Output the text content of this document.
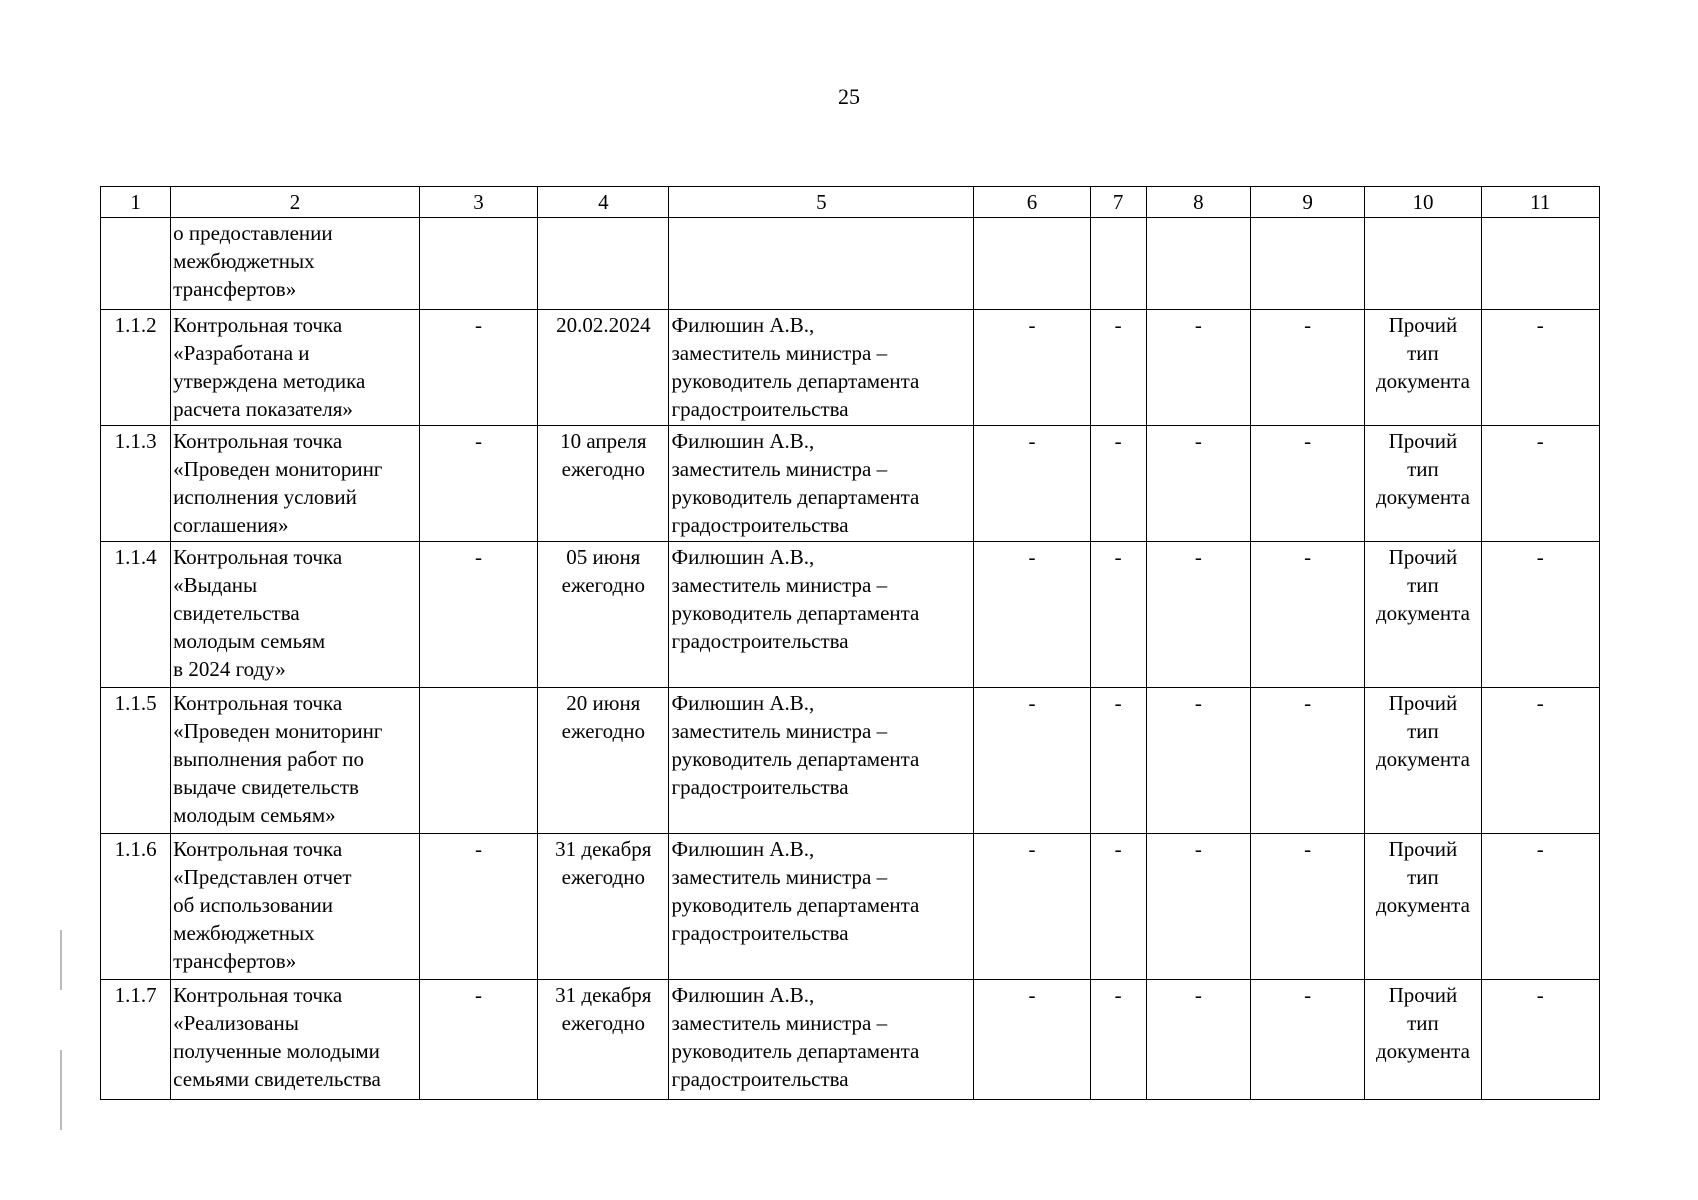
25
1	2	3	4	5	6	7	8	9	10	11

	о предоставлении
межбюджетных
трансфертов»									

1.1.2	Контрольная точка
«Разработана и
утверждена методика
расчета показателя»	-	20.02.2024	Филюшин А.В.,
заместитель министра –
руководитель департамента
градостроительства	-	-	-	-	Прочий
тип
документа	-

1.1.3	Контрольная точка
«Проведен мониторинг
исполнения условий
соглашения»	-	10 апреля
ежегодно	Филюшин А.В.,
заместитель министра –
руководитель департамента
градостроительства	-	-	-	-	Прочий
тип
документа	-

1.1.4	Контрольная точка
«Выданы
свидетельства
молодым семьям
в 2024 году»	-	05 июня
ежегодно	Филюшин А.В.,
заместитель министра –
руководитель департамента
градостроительства	-	-	-	-	Прочий
тип
документа	-

1.1.5	Контрольная точка
«Проведен мониторинг
выполнения работ по
выдаче свидетельств
молодым семьям»		20 июня
ежегодно	Филюшин А.В.,
заместитель министра –
руководитель департамента
градостроительства	-	-	-	-	Прочий
тип
документа	-

1.1.6	Контрольная точка
«Представлен отчет
об использовании
межбюджетных
трансфертов»	-	31 декабря
ежегодно	Филюшин А.В.,
заместитель министра –
руководитель департамента
градостроительства	-	-	-	-	Прочий
тип
документа	-

1.1.7	Контрольная точка
«Реализованы
полученные молодыми
семьями свидетельства	-	31 декабря
ежегодно	Филюшин А.В.,
заместитель министра –
руководитель департамента
градостроительства	-	-	-	-	Прочий
тип
документа	-
